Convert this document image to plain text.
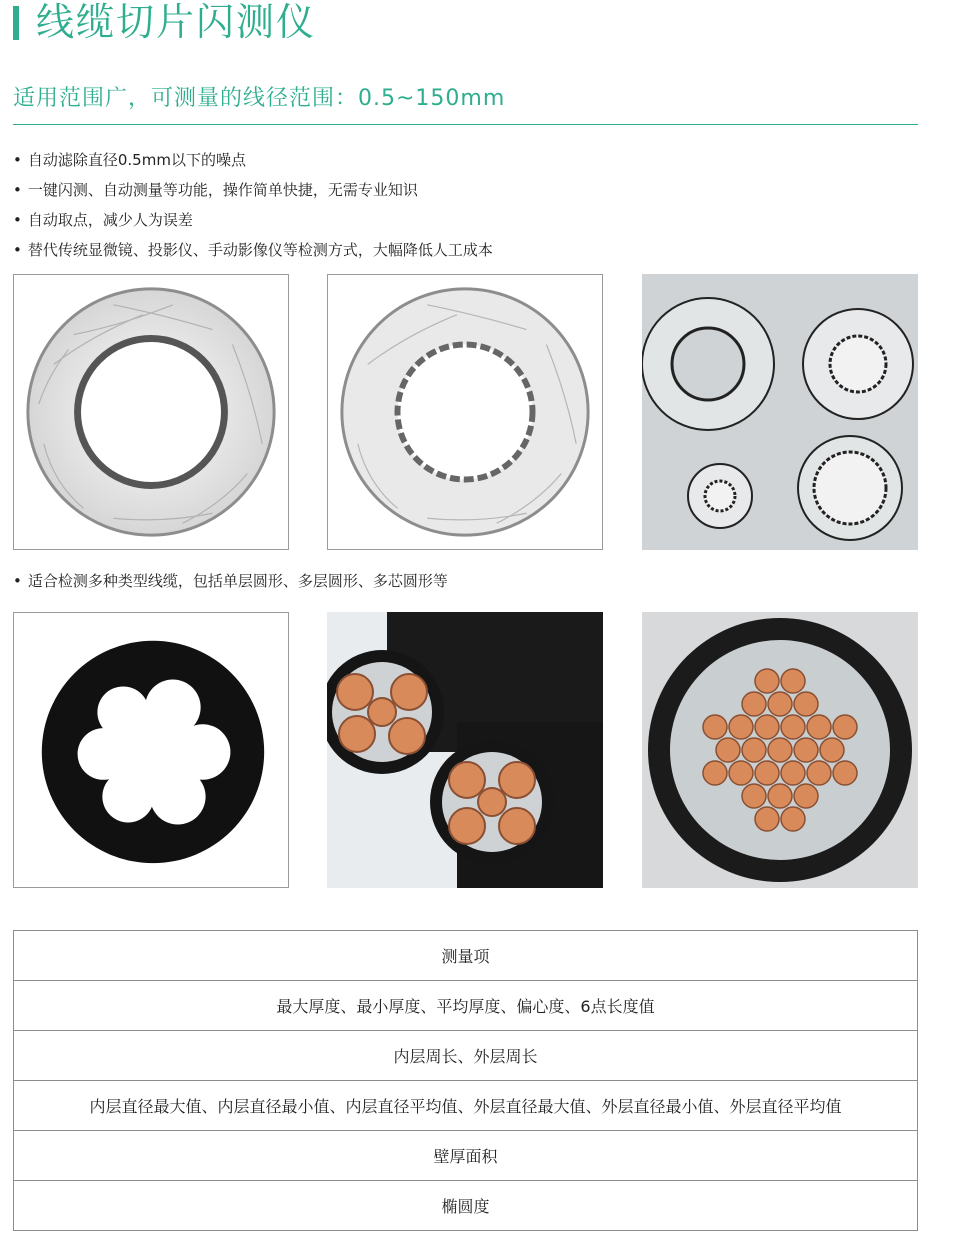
线缆切片闪测仪
适用范围广，可测量的线径范围：0.5~150mm
• 自动滤除直径0.5mm以下的噪点
• 一键闪测、自动测量等功能，操作简单快捷，无需专业知识
• 自动取点，减少人为误差
• 替代传统显微镜、投影仪、手动影像仪等检测方式，大幅降低人工成本
• 适合检测多种类型线缆，包括单层圆形、多层圆形、多芯圆形等
测量项
最大厚度、最小厚度、平均厚度、偏心度、6点长度值
内层周长、外层周长
内层直径最大值、内层直径最小值、内层直径平均值、外层直径最大值、外层直径最小值、外层直径平均值
壁厚面积
椭圆度
